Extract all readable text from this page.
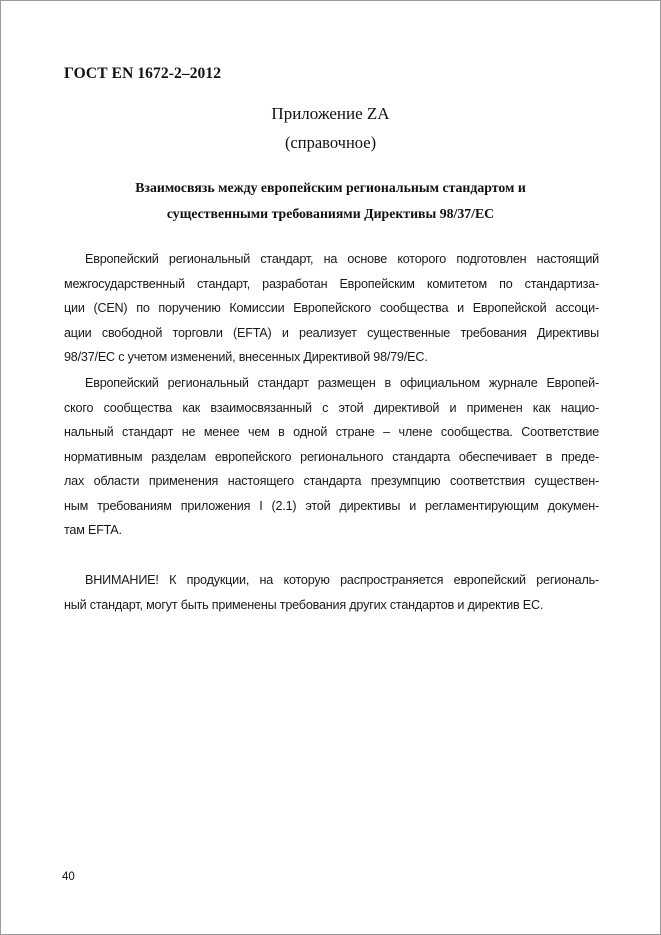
ГОСТ EN 1672-2–2012
Приложение ZA
(справочное)
Взаимосвязь между европейским региональным стандартом и
существенными требованиями Директивы 98/37/ЕС
Европейский региональный стандарт, на основе которого подготовлен настоящий
межгосударственный стандарт, разработан Европейским комитетом по стандартиза-
ции (CEN) по поручению Комиссии Европейского сообщества и Европейской ассоци-
ации свободной торговли (EFTA) и реализует существенные требования Директивы
98/37/ЕС с учетом изменений, внесенных Директивой 98/79/ЕС.
Европейский региональный стандарт размещен в официальном журнале Европей-
ского сообщества как взаимосвязанный с этой директивой и применен как нацио-
нальный стандарт не менее чем в одной стране – члене сообщества. Соответствие
нормативным разделам европейского регионального стандарта обеспечивает в преде-
лах области применения настоящего стандарта презумпцию соответствия существен-
ным требованиям приложения I (2.1) этой директивы и регламентирующим докумен-
там EFTA.
ВНИМАНИЕ! К продукции, на которую распространяется европейский региональ-
ный стандарт, могут быть применены требования других стандартов и директив ЕС.
40
